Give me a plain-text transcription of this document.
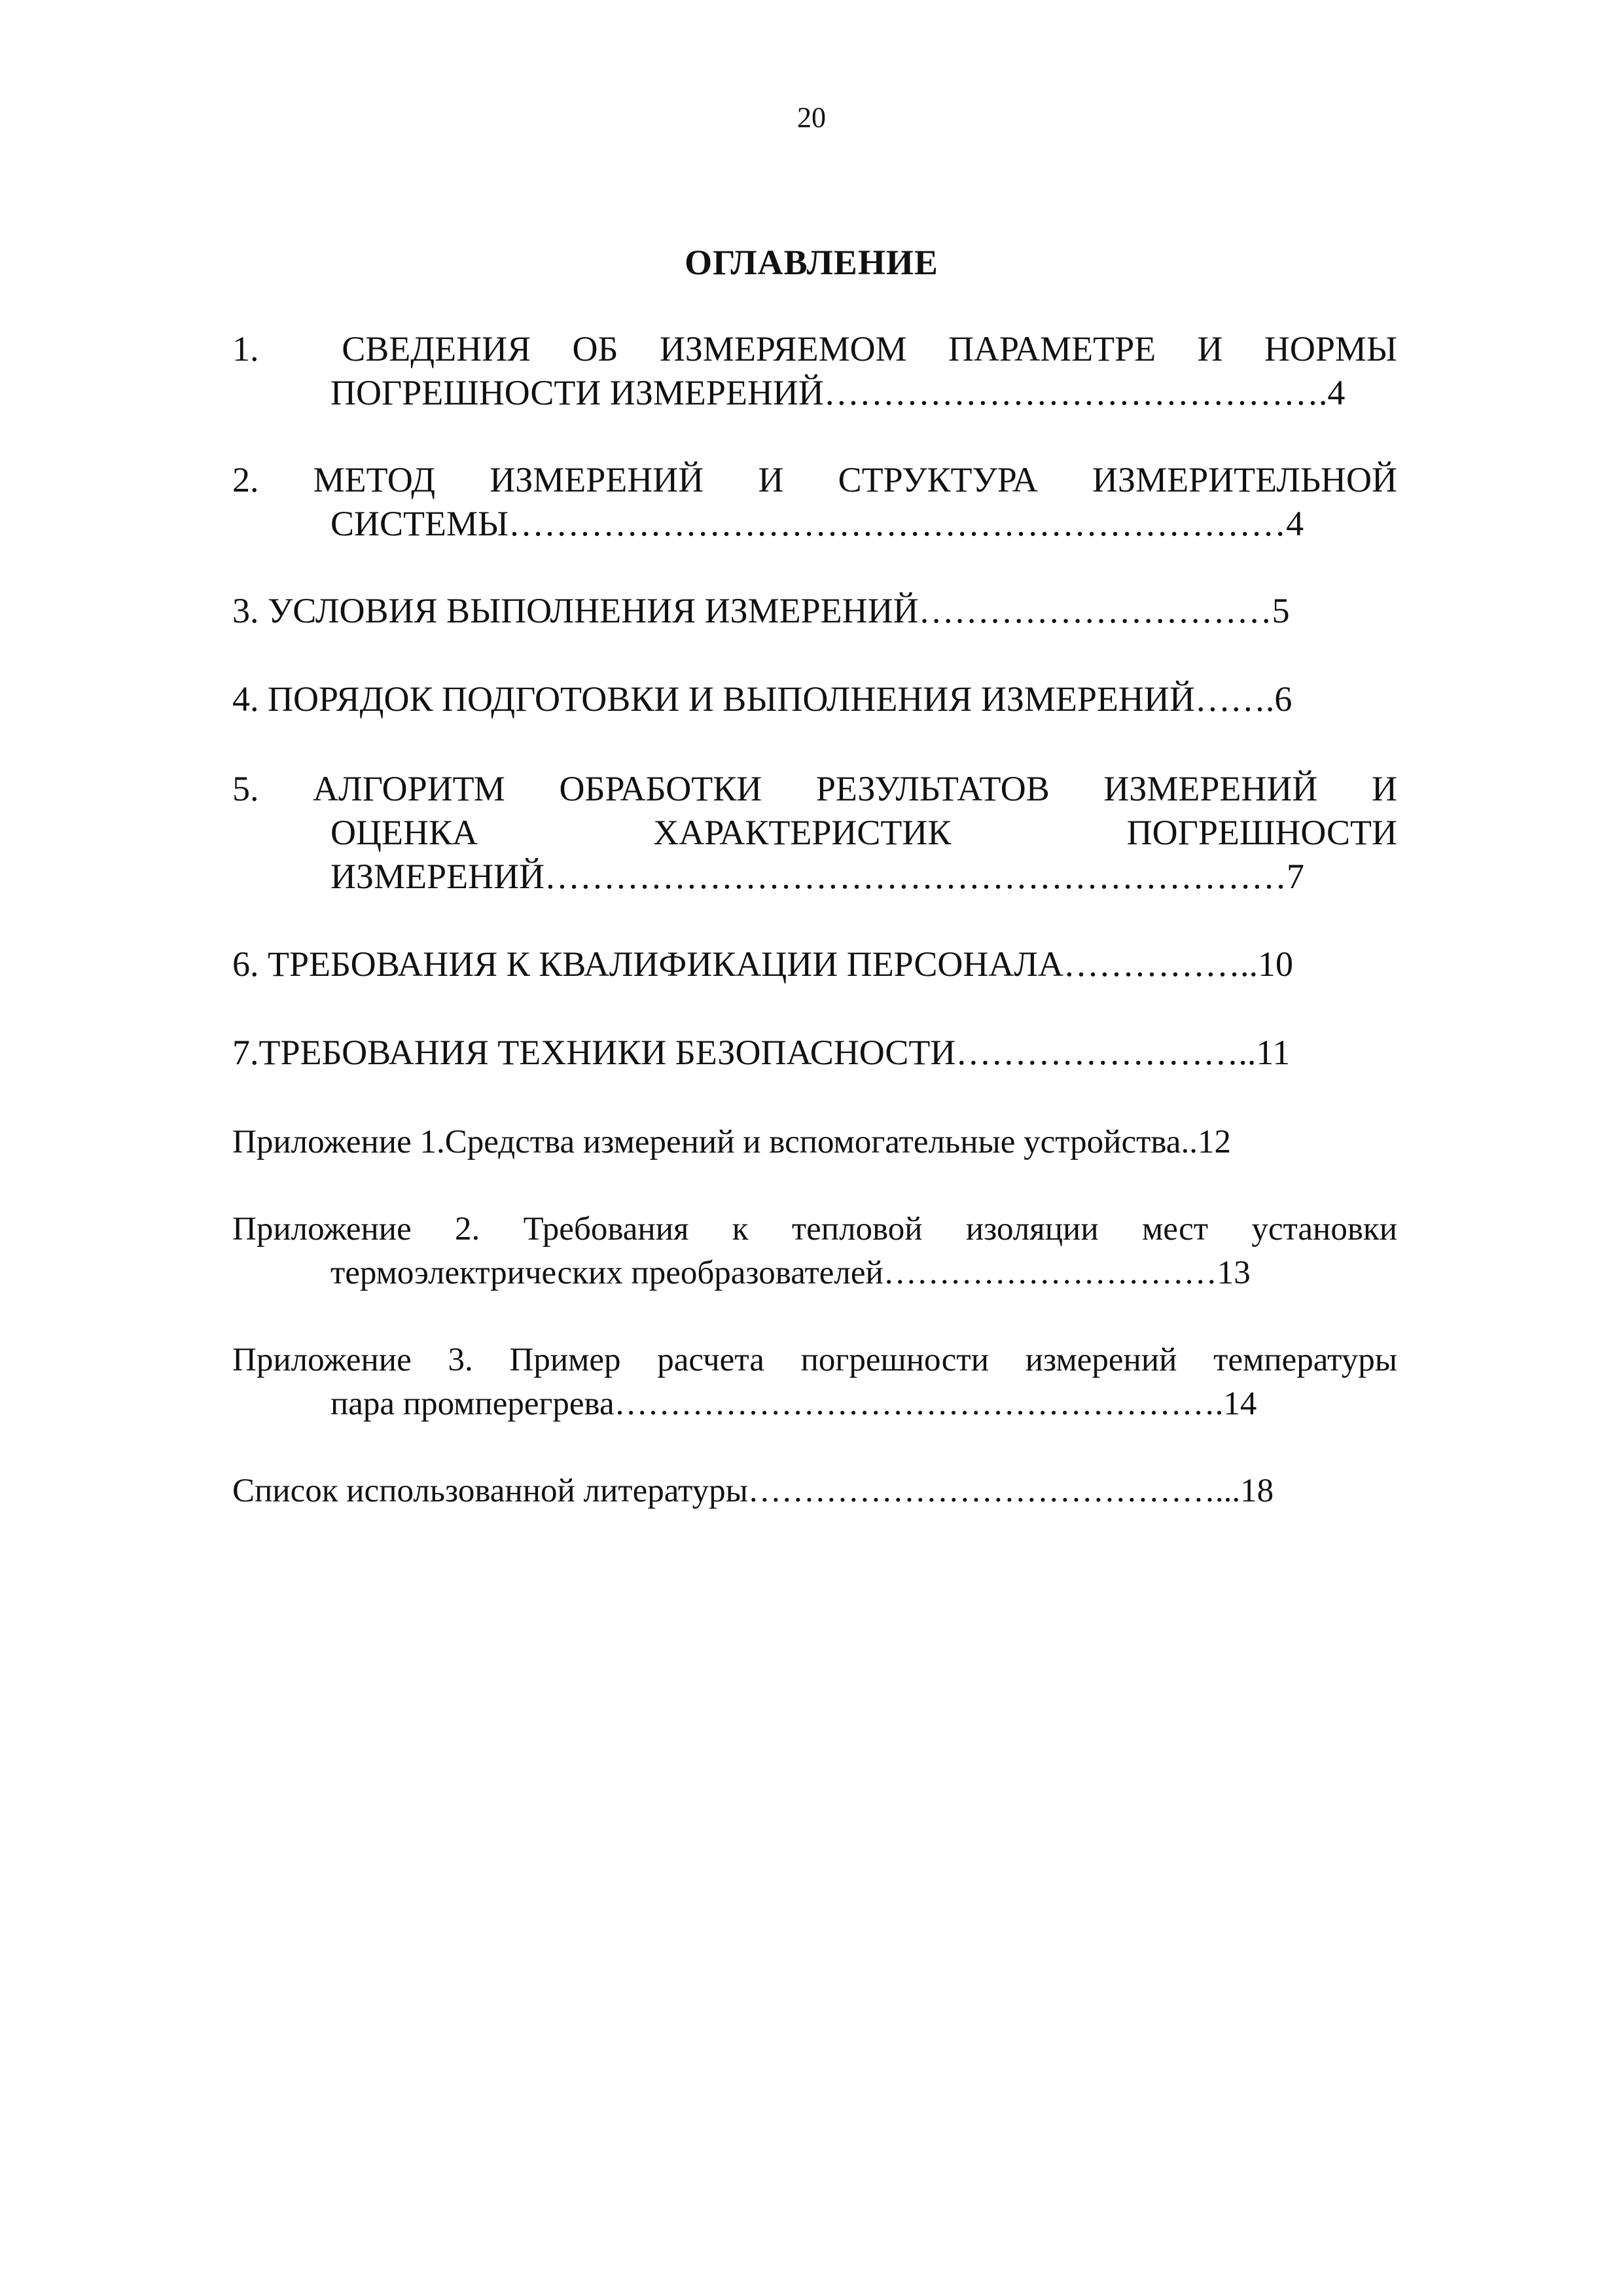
20
ОГЛАВЛЕНИЕ
1.  СВЕДЕНИЯ ОБ ИЗМЕРЯЕМОМ ПАРАМЕТРЕ И НОРМЫ
ПОГРЕШНОСТИ ИЗМЕРЕНИЙ…………………………………….4
2. МЕТОД ИЗМЕРЕНИЙ И СТРУКТУРА ИЗМЕРИТЕЛЬНОЙ
СИСТЕМЫ…………………………………………………………4
3. УСЛОВИЯ ВЫПОЛНЕНИЯ ИЗМЕРЕНИЙ…………………………5
4. ПОРЯДОК ПОДГОТОВКИ И ВЫПОЛНЕНИЯ ИЗМЕРЕНИЙ…….6
5. АЛГОРИТМ ОБРАБОТКИ РЕЗУЛЬТАТОВ ИЗМЕРЕНИЙ И
ОЦЕНКА ХАРАКТЕРИСТИК ПОГРЕШНОСТИ
ИЗМЕРЕНИЙ………………………………………………………7
6. ТРЕБОВАНИЯ К КВАЛИФИКАЦИИ ПЕРСОНАЛА……………..10
7.ТРЕБОВАНИЯ ТЕХНИКИ БЕЗОПАСНОСТИ……………………..11
Приложение 1.Средства измерений и вспомогательные устройства..12
Приложение 2. Требования к тепловой изоляции мест установки
термоэлектрических преобразователей…………………………13
Приложение 3. Пример расчета погрешности измерений температуры
пара промперегрева……………………………………………….14
Список использованной литературы……………………………………...18
